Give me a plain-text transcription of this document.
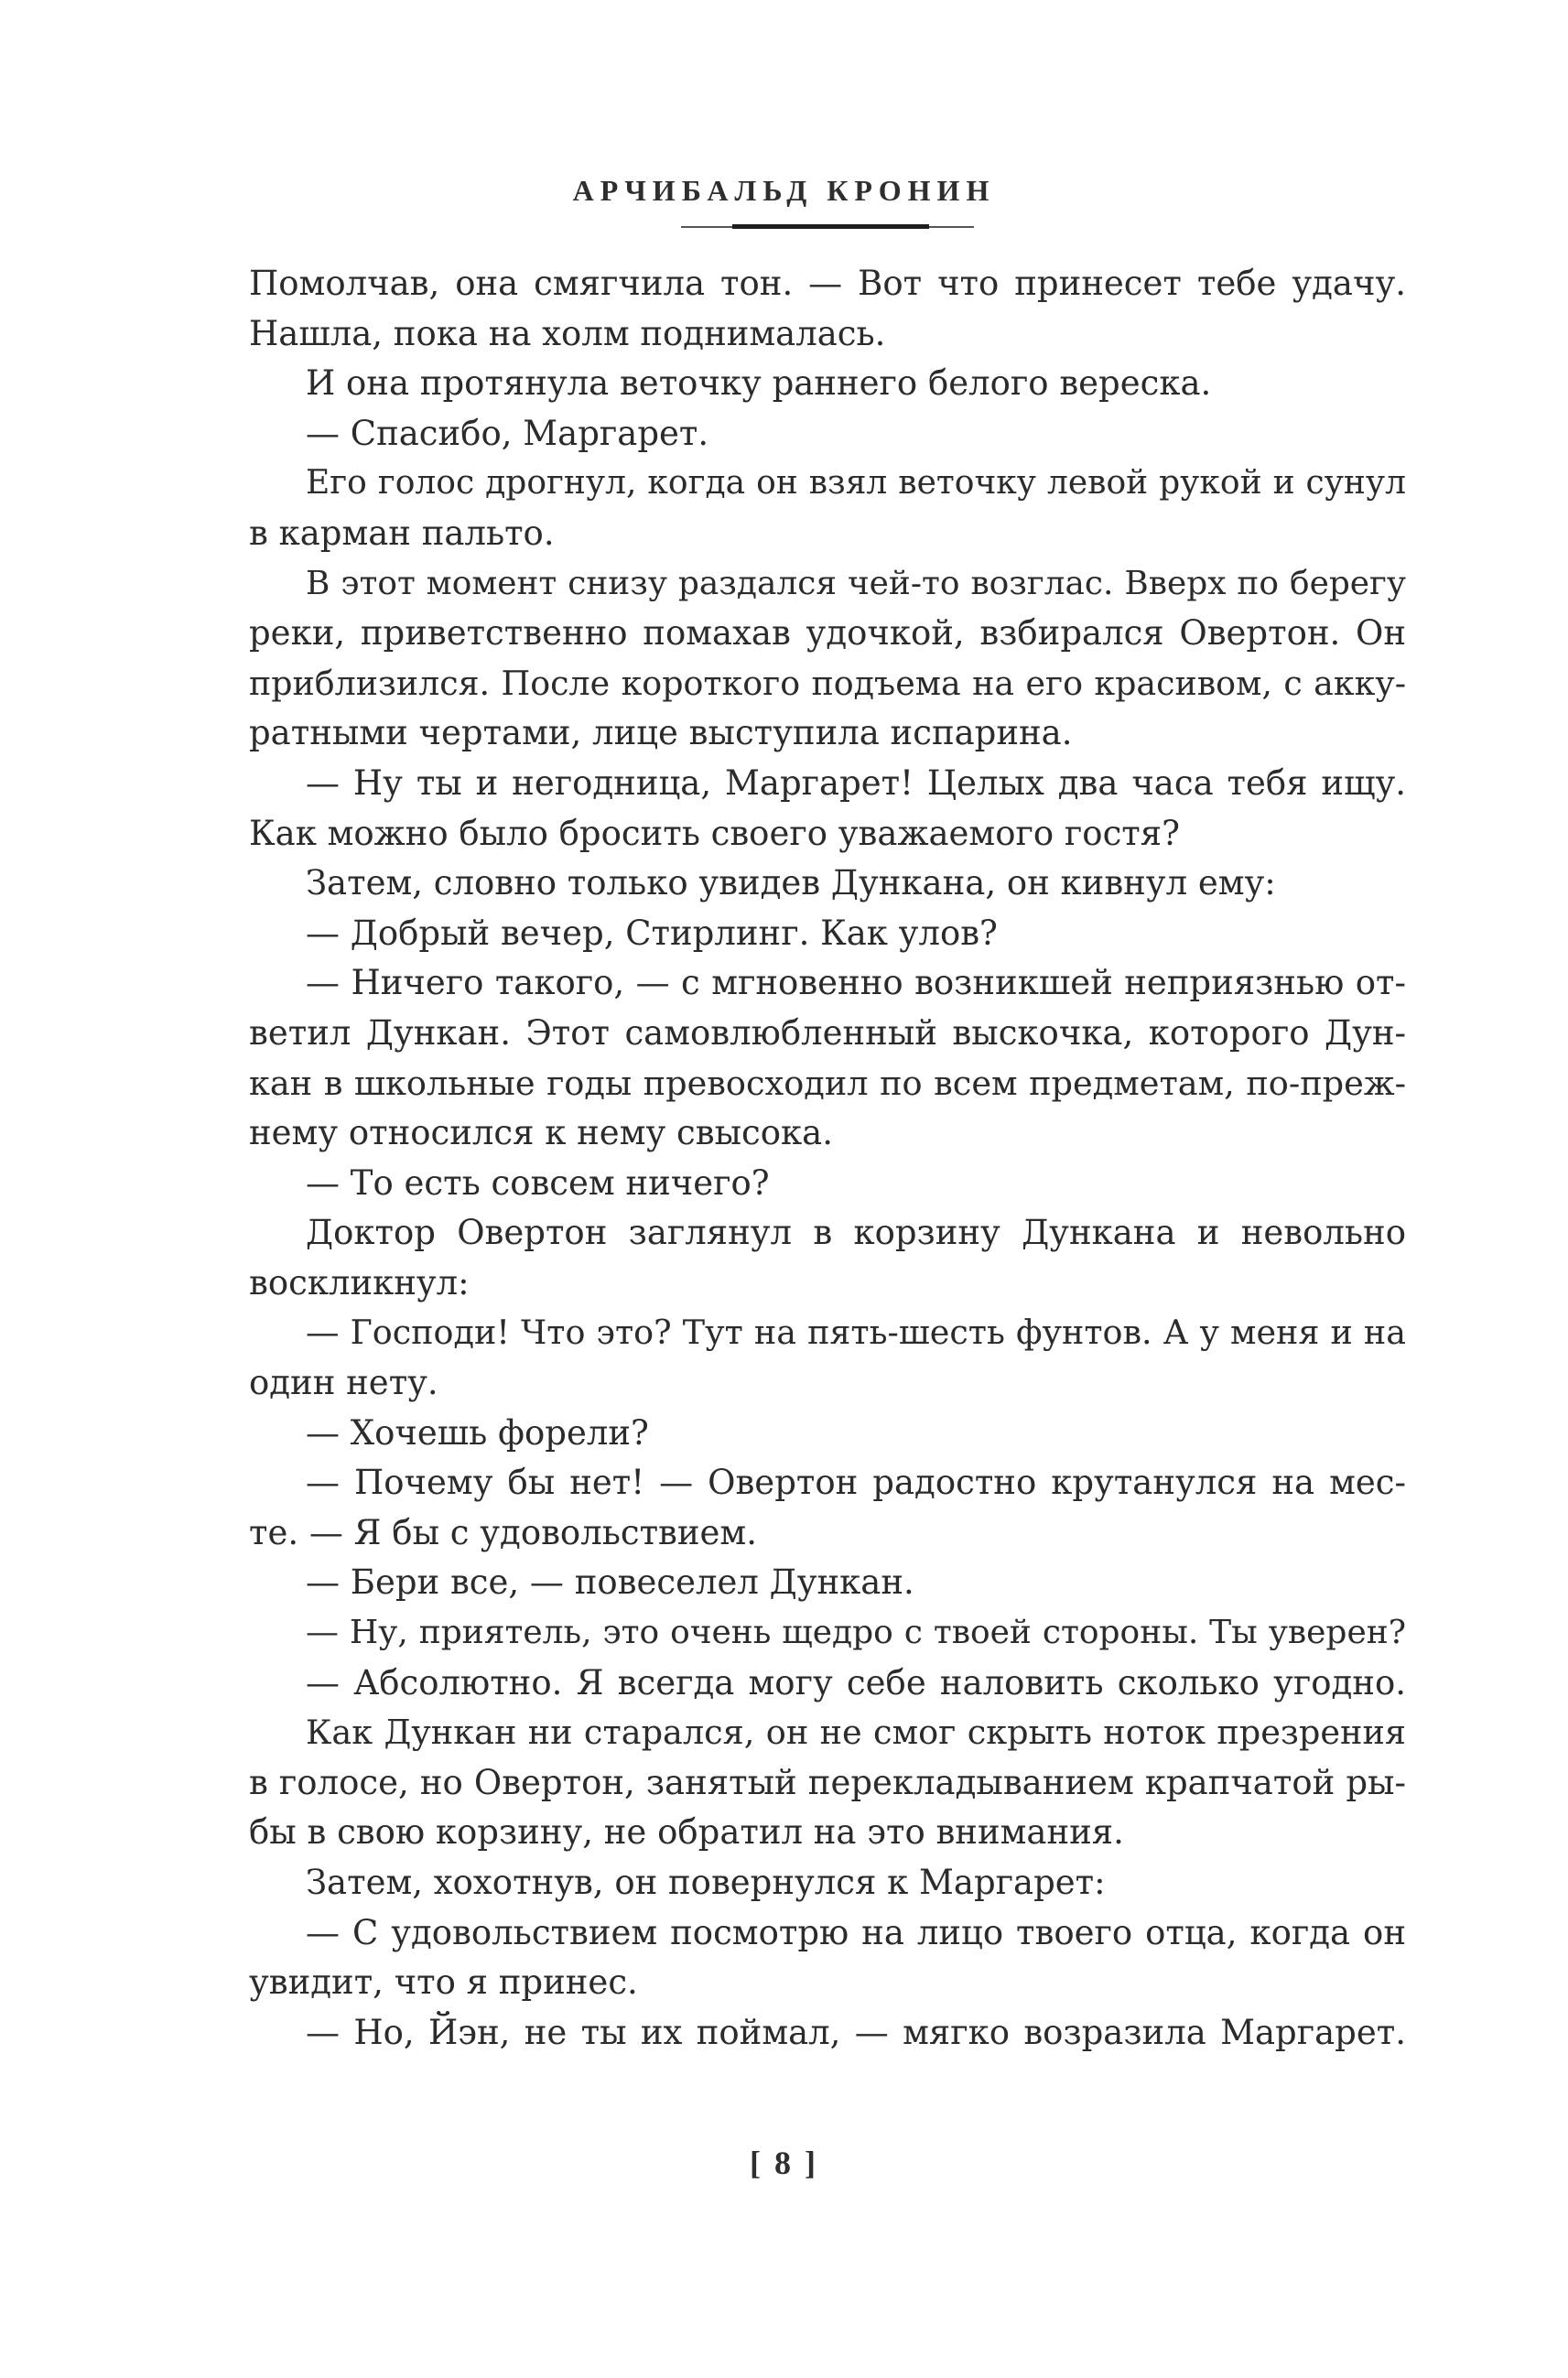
АРЧИБАЛЬД КРОНИН
Помолчав, она смягчила тон. — Вот что принесет тебе удачу.
Нашла, пока на холм поднималась.
И она протянула веточку раннего белого вереска.
— Спасибо, Маргарет.
Его голос дрогнул, когда он взял веточку левой рукой и сунул
в карман пальто.
В этот момент снизу раздался чей-то возглас. Вверх по берегу
реки, приветственно помахав удочкой, взбирался Овертон. Он
приблизился. После короткого подъема на его красивом, с акку-
ратными чертами, лице выступила испарина.
— Ну ты и негодница, Маргарет! Целых два часа тебя ищу.
Как можно было бросить своего уважаемого гостя?
Затем, словно только увидев Дункана, он кивнул ему:
— Добрый вечер, Стирлинг. Как улов?
— Ничего такого, — с мгновенно возникшей неприязнью от-
ветил Дункан. Этот самовлюбленный выскочка, которого Дун-
кан в школьные годы превосходил по всем предметам, по-преж-
нему относился к нему свысока.
— То есть совсем ничего?
Доктор Овертон заглянул в корзину Дункана и невольно
воскликнул:
— Господи! Что это? Тут на пять-шесть фунтов. А у меня и на
один нету.
— Хочешь форели?
— Почему бы нет! — Овертон радостно крутанулся на мес-
те. — Я бы с удовольствием.
— Бери все, — повеселел Дункан.
— Ну, приятель, это очень щедро с твоей стороны. Ты уверен?
— Абсолютно. Я всегда могу себе наловить сколько угодно.
Как Дункан ни старался, он не смог скрыть ноток презрения
в голосе, но Овертон, занятый перекладыванием крапчатой ры-
бы в свою корзину, не обратил на это внимания.
Затем, хохотнув, он повернулся к Маргарет:
— С удовольствием посмотрю на лицо твоего отца, когда он
увидит, что я принес.
— Но, Йэн, не ты их поймал, — мягко возразила Маргарет.
[ 8 ]
